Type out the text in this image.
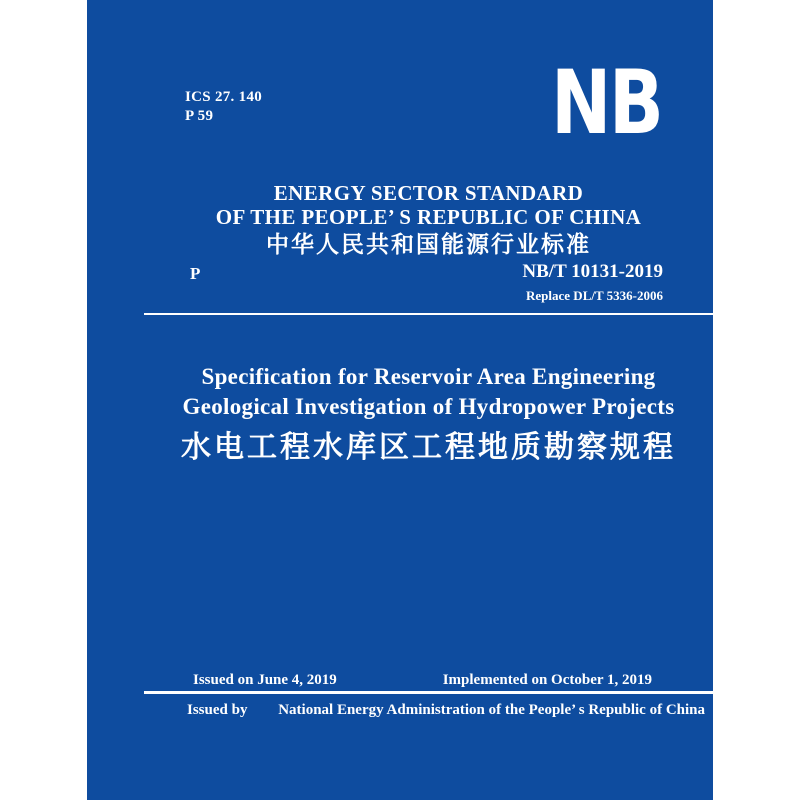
ICS 27. 140
P 59	NB
ENERGY SECTOR STANDARD
OF THE PEOPLE’ S REPUBLIC OF CHINA
中华人民共和国能源行业标准
P	NB/T 10131-2019
Replace DL/T 5336-2006
Specification for Reservoir Area Engineering
Geological Investigation of Hydropower Projects
水电工程水库区工程地质勘察规程
Issued on June 4, 2019	Implemented on October 1, 2019
Issued by National Energy Administration of the People’ s Republic of China
